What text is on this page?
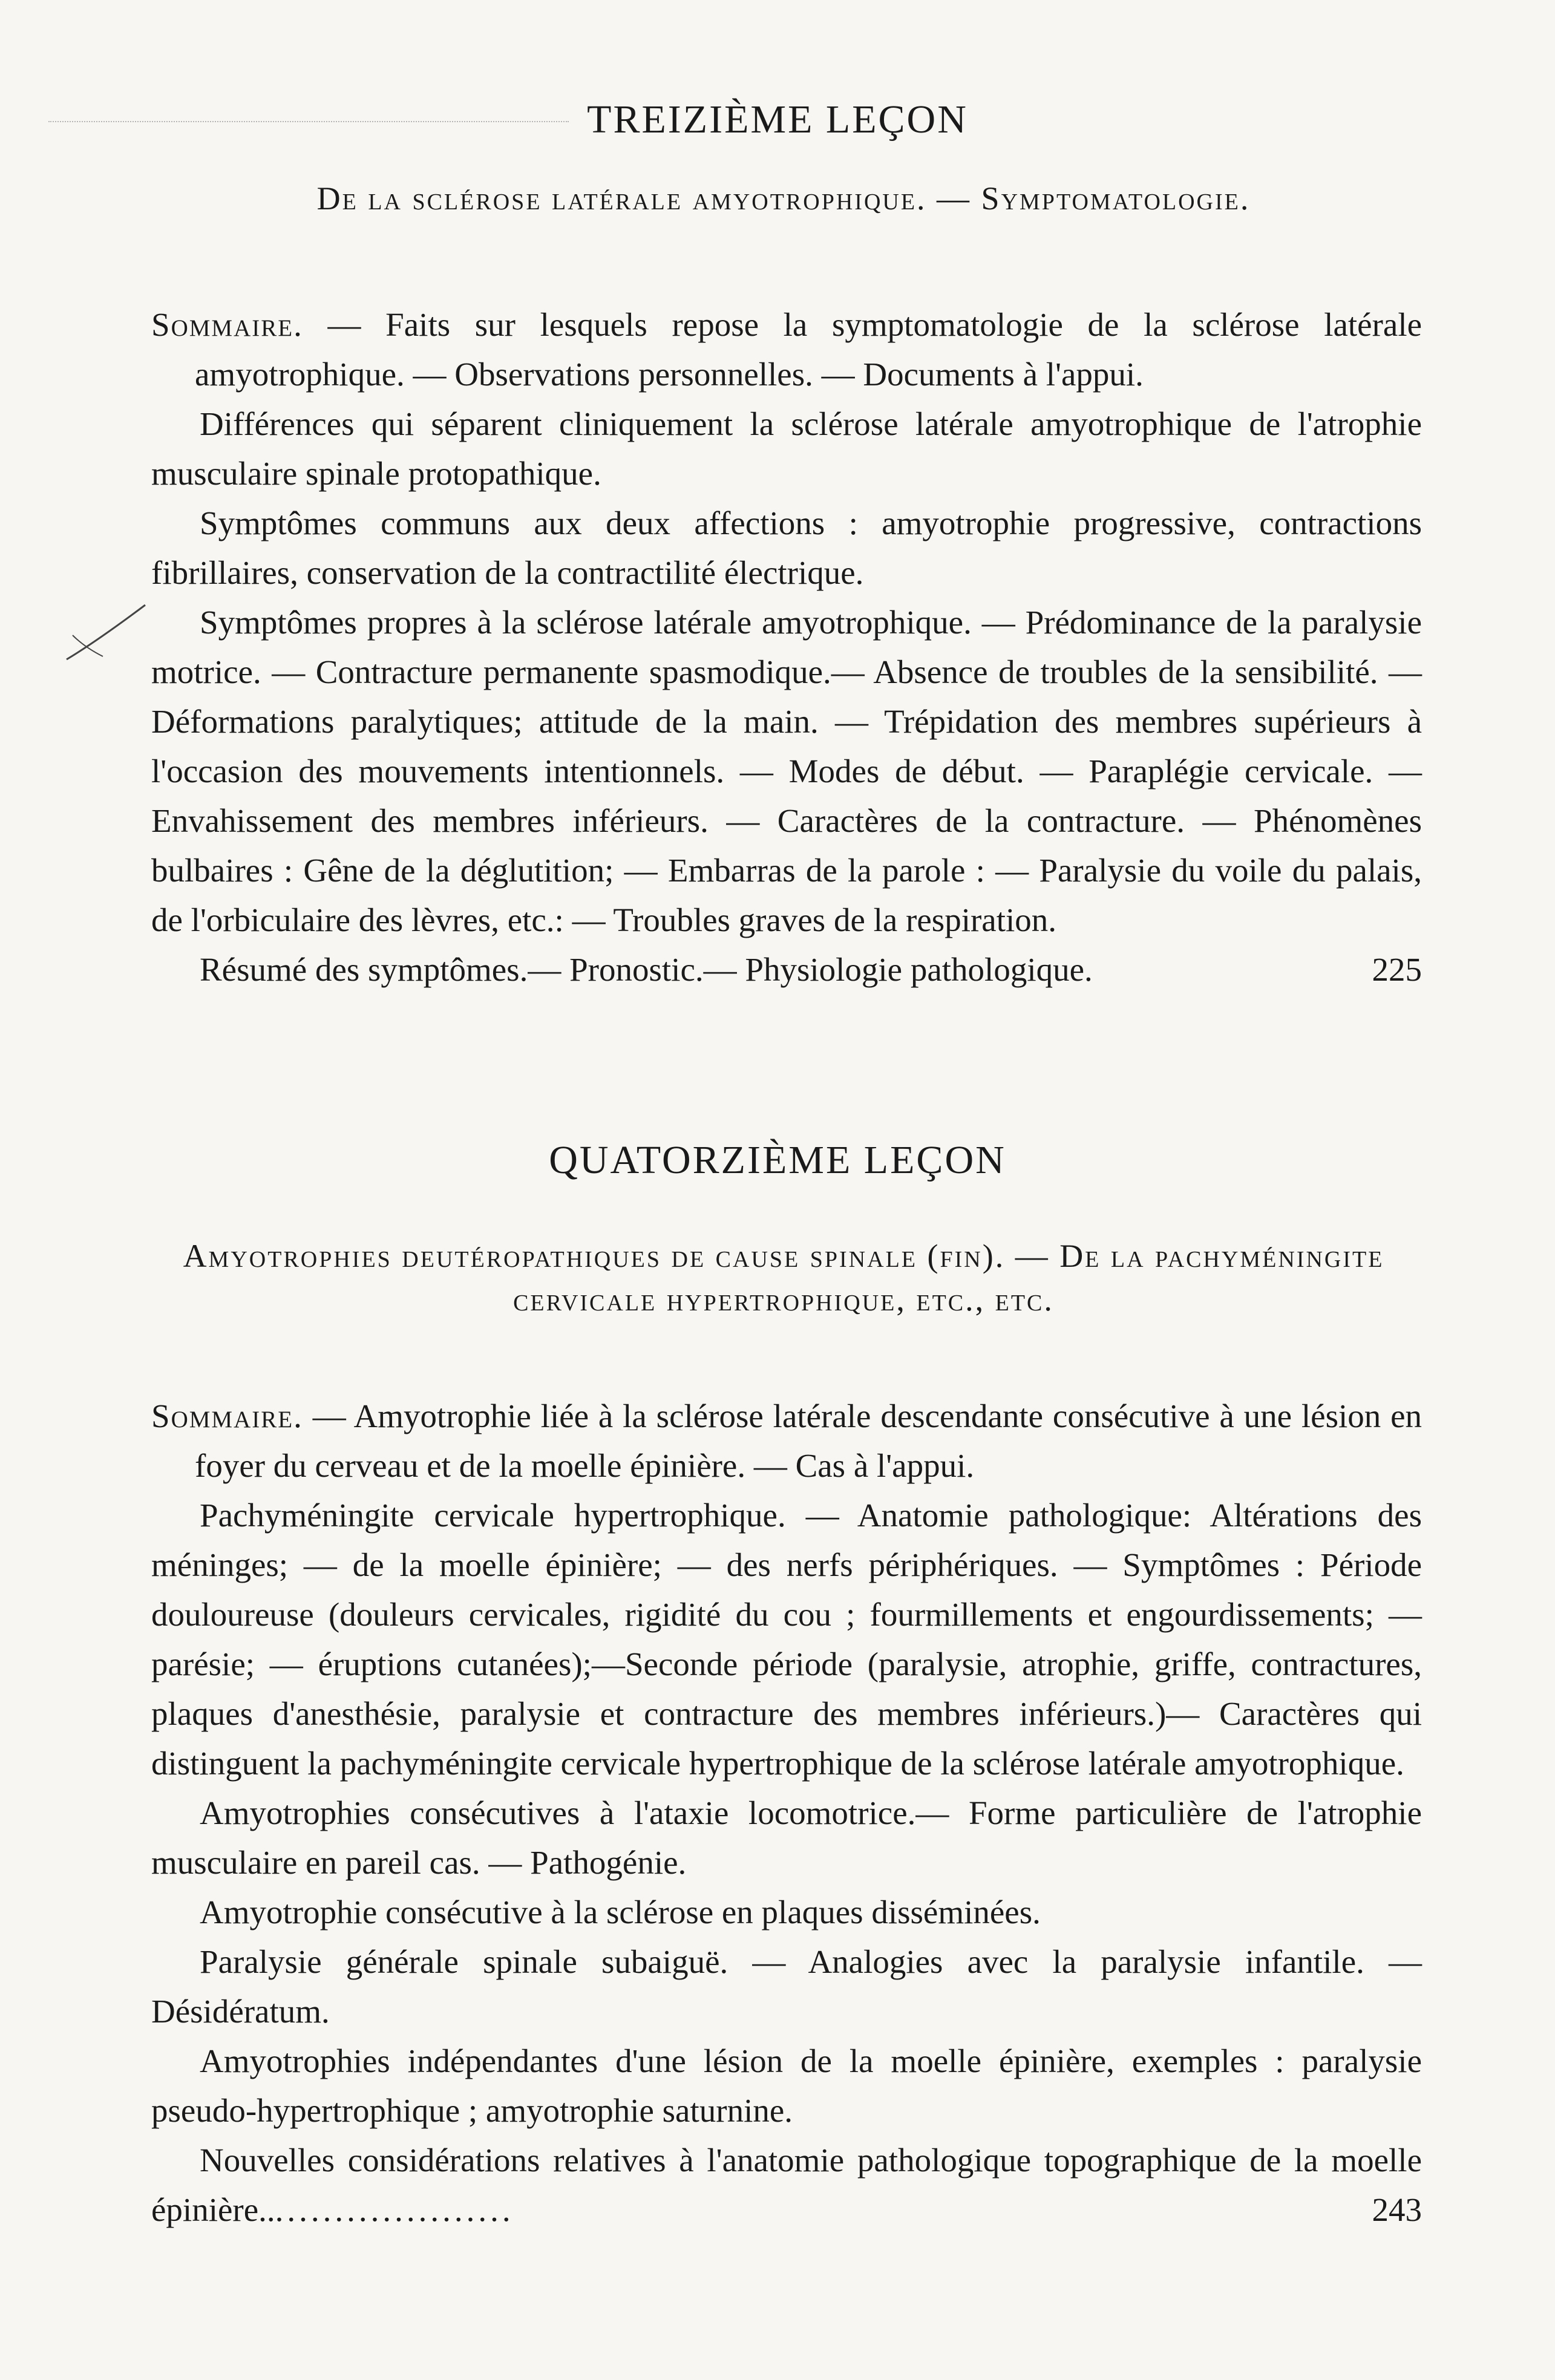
TREIZIÈME LEÇON
De la sclérose latérale amyotrophique. — Symptomatologie.
Sommaire. — Faits sur lesquels repose la symptomatologie de la sclérose latérale amyotrophique. — Observations personnelles. — Documents à l'appui.
Différences qui séparent cliniquement la sclérose latérale amyotrophique de l'atrophie musculaire spinale protopathique.
Symptômes communs aux deux affections : amyotrophie progressive, contractions fibrillaires, conservation de la contractilité électrique.
Symptômes propres à la sclérose latérale amyotrophique. — Prédominance de la paralysie motrice. — Contracture permanente spasmodique.— Absence de troubles de la sensibilité. — Déformations paralytiques; attitude de la main. — Trépidation des membres supérieurs à l'occasion des mouvements intentionnels. — Modes de début. — Paraplégie cervicale. — Envahissement des membres inférieurs. — Caractères de la contracture. — Phénomènes bulbaires : Gêne de la déglutition; — Embarras de la parole : — Paralysie du voile du palais, de l'orbiculaire des lèvres, etc.: — Troubles graves de la respiration.
Résumé des symptômes.— Pronostic.— Physiologie pathologique.	225
QUATORZIÈME LEÇON
Amyotrophies deutéropathiques de cause spinale (fin). — De la pachyméningite cervicale hypertrophique, etc., etc.
Sommaire. — Amyotrophie liée à la sclérose latérale descendante consécutive à une lésion en foyer du cerveau et de la moelle épinière. — Cas à l'appui.
Pachyméningite cervicale hypertrophique. — Anatomie pathologique: Altérations des méninges; — de la moelle épinière; — des nerfs périphériques. — Symptômes : Période douloureuse (douleurs cervicales, rigidité du cou ; fourmillements et engourdissements; — parésie; — éruptions cutanées);—Seconde période (paralysie, atrophie, griffe, contractures, plaques d'anesthésie, paralysie et contracture des membres inférieurs.)— Caractères qui distinguent la pachyméningite cervicale hypertrophique de la sclérose latérale amyotrophique.
Amyotrophies consécutives à l'ataxie locomotrice.— Forme particulière de l'atrophie musculaire en pareil cas. — Pathogénie.
Amyotrophie consécutive à la sclérose en plaques disséminées.
Paralysie générale spinale subaiguë. — Analogies avec la paralysie infantile. — Désidératum.
Amyotrophies indépendantes d'une lésion de la moelle épinière, exemples : paralysie pseudo-hypertrophique ; amyotrophie saturnine.
Nouvelles considérations relatives à l'anatomie pathologique topographique de la moelle épinière......................	243
